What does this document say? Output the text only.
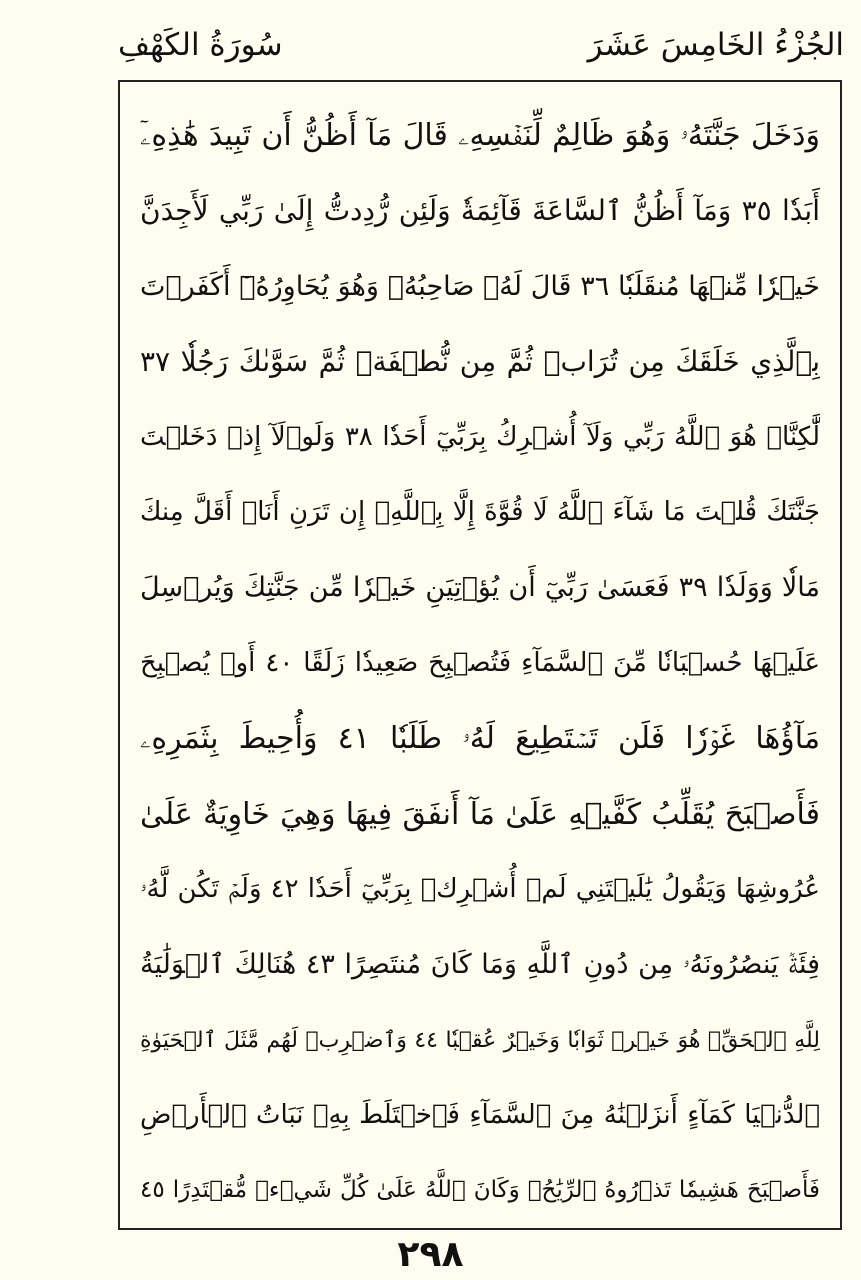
الجُزْءُ الخَامِسَ عَشَرَ
سُورَةُ الكَهْفِ
وَدَخَلَ جَنَّتَهُۥ وَهُوَ ظَالِمٌ لِّنَفۡسِهِۦ قَالَ مَآ أَظُنُّ أَن تَبِيدَ هَٰذِهِۦٓ
أَبَدٗا ٣٥ وَمَآ أَظُنُّ ٱلسَّاعَةَ قَآئِمَةٗ وَلَئِن رُّدِدتُّ إِلَىٰ رَبِّي لَأَجِدَنَّ
خَيۡرٗا مِّنۡهَا مُنقَلَبٗا ٣٦ قَالَ لَهُۥ صَاحِبُهُۥ وَهُوَ يُحَاوِرُهُۥٓ أَكَفَرۡتَ
بِٱلَّذِي خَلَقَكَ مِن تُرَابٖ ثُمَّ مِن نُّطۡفَةٖ ثُمَّ سَوَّىٰكَ رَجُلٗا ٣٧
لَّٰكِنَّا۠ هُوَ ٱللَّهُ رَبِّي وَلَآ أُشۡرِكُ بِرَبِّيٓ أَحَدٗا ٣٨ وَلَوۡلَآ إِذۡ دَخَلۡتَ
جَنَّتَكَ قُلۡتَ مَا شَآءَ ٱللَّهُ لَا قُوَّةَ إِلَّا بِٱللَّهِۚ إِن تَرَنِ أَنَا۠ أَقَلَّ مِنكَ
مَالٗا وَوَلَدٗا ٣٩ فَعَسَىٰ رَبِّيٓ أَن يُؤۡتِيَنِ خَيۡرٗا مِّن جَنَّتِكَ وَيُرۡسِلَ
عَلَيۡهَا حُسۡبَانٗا مِّنَ ٱلسَّمَآءِ فَتُصۡبِحَ صَعِيدٗا زَلَقًا ٤٠ أَوۡ يُصۡبِحَ
مَآؤُهَا غَوۡرٗا فَلَن تَسۡتَطِيعَ لَهُۥ طَلَبٗا ٤١ وَأُحِيطَ بِثَمَرِهِۦ
فَأَصۡبَحَ يُقَلِّبُ كَفَّيۡهِ عَلَىٰ مَآ أَنفَقَ فِيهَا وَهِيَ خَاوِيَةٌ عَلَىٰ
عُرُوشِهَا وَيَقُولُ يَٰلَيۡتَنِي لَمۡ أُشۡرِكۡ بِرَبِّيٓ أَحَدٗا ٤٢ وَلَمۡ تَكُن لَّهُۥ
فِئَةٞ يَنصُرُونَهُۥ مِن دُونِ ٱللَّهِ وَمَا كَانَ مُنتَصِرًا ٤٣ هُنَالِكَ ٱلۡوَلَٰيَةُ
لِلَّهِ ٱلۡحَقِّۚ هُوَ خَيۡرٞ ثَوَابٗا وَخَيۡرٌ عُقۡبٗا ٤٤ وَٱضۡرِبۡ لَهُم مَّثَلَ ٱلۡحَيَوٰةِ
ٱلدُّنۡيَا كَمَآءٍ أَنزَلۡنَٰهُ مِنَ ٱلسَّمَآءِ فَٱخۡتَلَطَ بِهِۦ نَبَاتُ ٱلۡأَرۡضِ
فَأَصۡبَحَ هَشِيمٗا تَذۡرُوهُ ٱلرِّيَٰحُۗ وَكَانَ ٱللَّهُ عَلَىٰ كُلِّ شَيۡءٖ مُّقۡتَدِرًا ٤٥
٢٩٨
